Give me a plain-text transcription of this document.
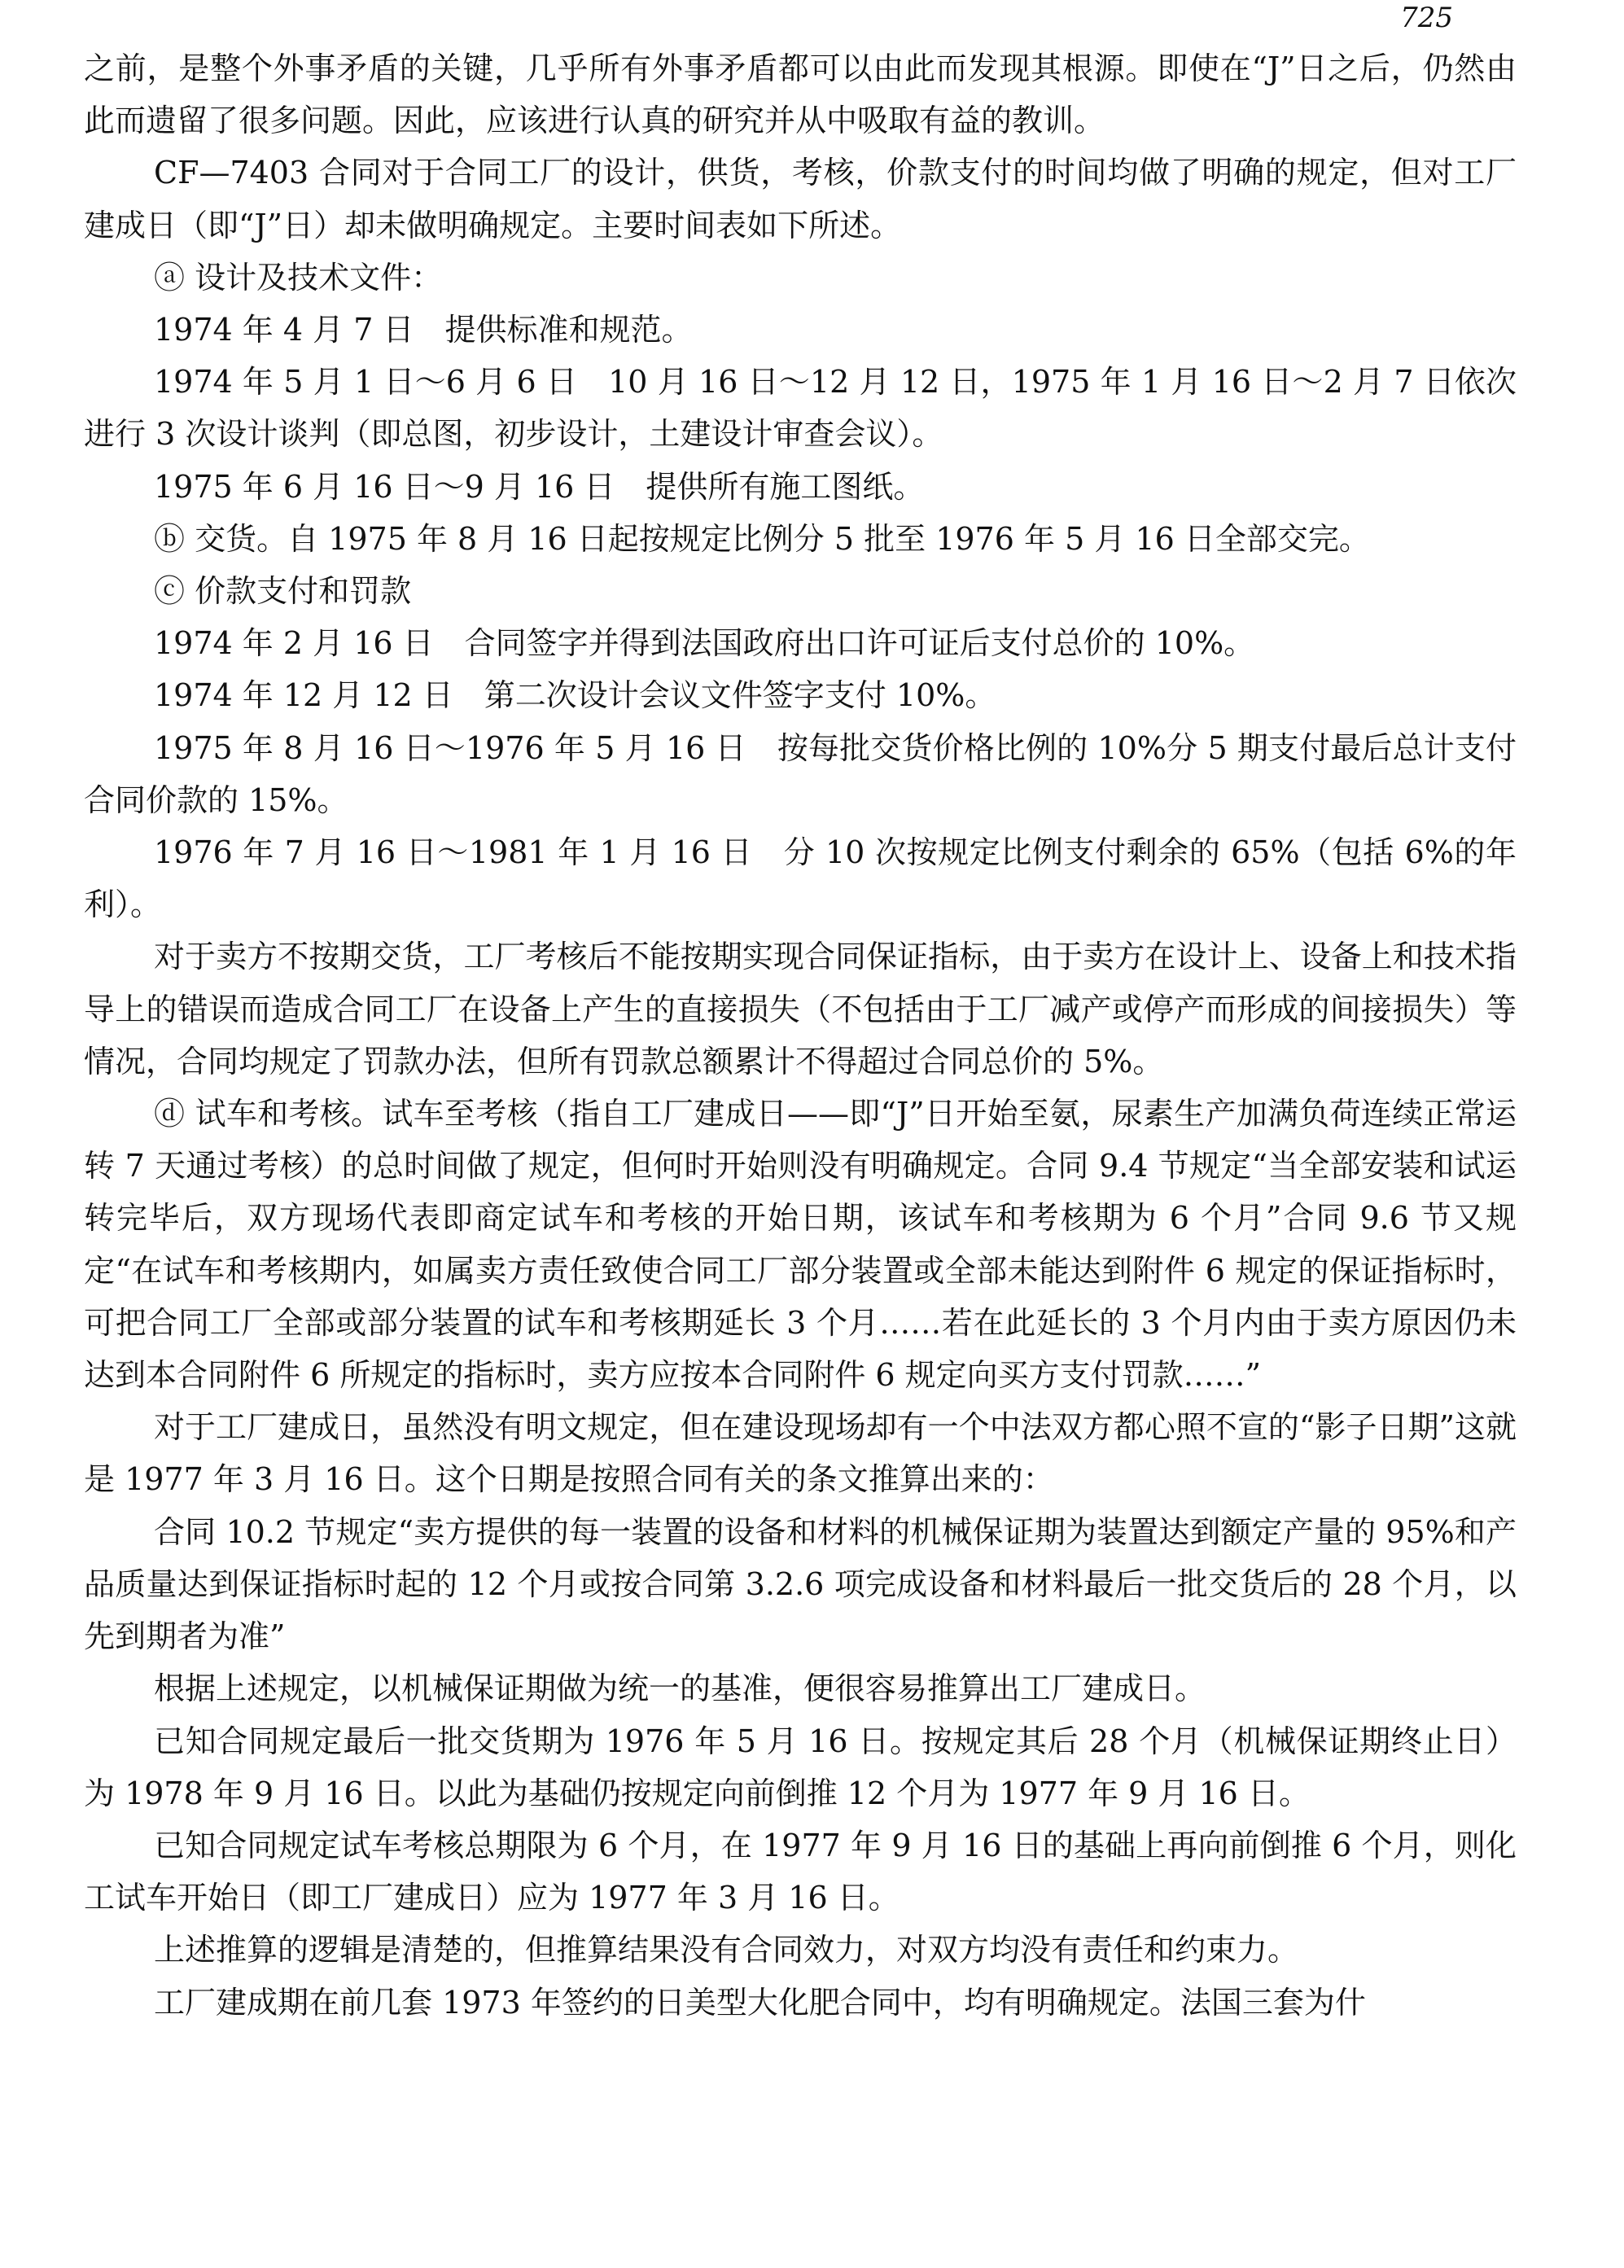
725

之前，是整个外事矛盾的关键，几乎所有外事矛盾都可以由此而发现其根源。即使在“J”日之后，仍然由此而遗留了很多问题。因此，应该进行认真的研究并从中吸取有益的教训。

CF—7403 合同对于合同工厂的设计，供货，考核，价款支付的时间均做了明确的规定，但对工厂建成日（即“J”日）却未做明确规定。主要时间表如下所述。

ⓐ 设计及技术文件：

1974 年 4 月 7 日　提供标准和规范。

1974 年 5 月 1 日～6 月 6 日　10 月 16 日～12 月 12 日，1975 年 1 月 16 日～2 月 7 日依次进行 3 次设计谈判（即总图，初步设计，土建设计审查会议）。

1975 年 6 月 16 日～9 月 16 日　提供所有施工图纸。

ⓑ 交货。自 1975 年 8 月 16 日起按规定比例分 5 批至 1976 年 5 月 16 日全部交完。

ⓒ 价款支付和罚款

1974 年 2 月 16 日　合同签字并得到法国政府出口许可证后支付总价的 10%。

1974 年 12 月 12 日　第二次设计会议文件签字支付 10%。

1975 年 8 月 16 日～1976 年 5 月 16 日　按每批交货价格比例的 10%分 5 期支付最后总计支付合同价款的 15%。

1976 年 7 月 16 日～1981 年 1 月 16 日　分 10 次按规定比例支付剩余的 65%（包括 6%的年利）。

对于卖方不按期交货，工厂考核后不能按期实现合同保证指标，由于卖方在设计上、设备上和技术指导上的错误而造成合同工厂在设备上产生的直接损失（不包括由于工厂减产或停产而形成的间接损失）等情况，合同均规定了罚款办法，但所有罚款总额累计不得超过合同总价的 5%。

ⓓ 试车和考核。试车至考核（指自工厂建成日——即“J”日开始至氨，尿素生产加满负荷连续正常运转 7 天通过考核）的总时间做了规定，但何时开始则没有明确规定。合同 9.4 节规定“当全部安装和试运转完毕后，双方现场代表即商定试车和考核的开始日期，该试车和考核期为 6 个月”合同 9.6 节又规定“在试车和考核期内，如属卖方责任致使合同工厂部分装置或全部未能达到附件 6 规定的保证指标时，可把合同工厂全部或部分装置的试车和考核期延长 3 个月……若在此延长的 3 个月内由于卖方原因仍未达到本合同附件 6 所规定的指标时，卖方应按本合同附件 6 规定向买方支付罚款……”

对于工厂建成日，虽然没有明文规定，但在建设现场却有一个中法双方都心照不宣的“影子日期”这就是 1977 年 3 月 16 日。这个日期是按照合同有关的条文推算出来的：

合同 10.2 节规定“卖方提供的每一装置的设备和材料的机械保证期为装置达到额定产量的 95%和产品质量达到保证指标时起的 12 个月或按合同第 3.2.6 项完成设备和材料最后一批交货后的 28 个月，以先到期者为准”

根据上述规定，以机械保证期做为统一的基准，便很容易推算出工厂建成日。

已知合同规定最后一批交货期为 1976 年 5 月 16 日。按规定其后 28 个月（机械保证期终止日）为 1978 年 9 月 16 日。以此为基础仍按规定向前倒推 12 个月为 1977 年 9 月 16 日。

已知合同规定试车考核总期限为 6 个月，在 1977 年 9 月 16 日的基础上再向前倒推 6 个月，则化工试车开始日（即工厂建成日）应为 1977 年 3 月 16 日。

上述推算的逻辑是清楚的，但推算结果没有合同效力，对双方均没有责任和约束力。

工厂建成期在前几套 1973 年签约的日美型大化肥合同中，均有明确规定。法国三套为什
